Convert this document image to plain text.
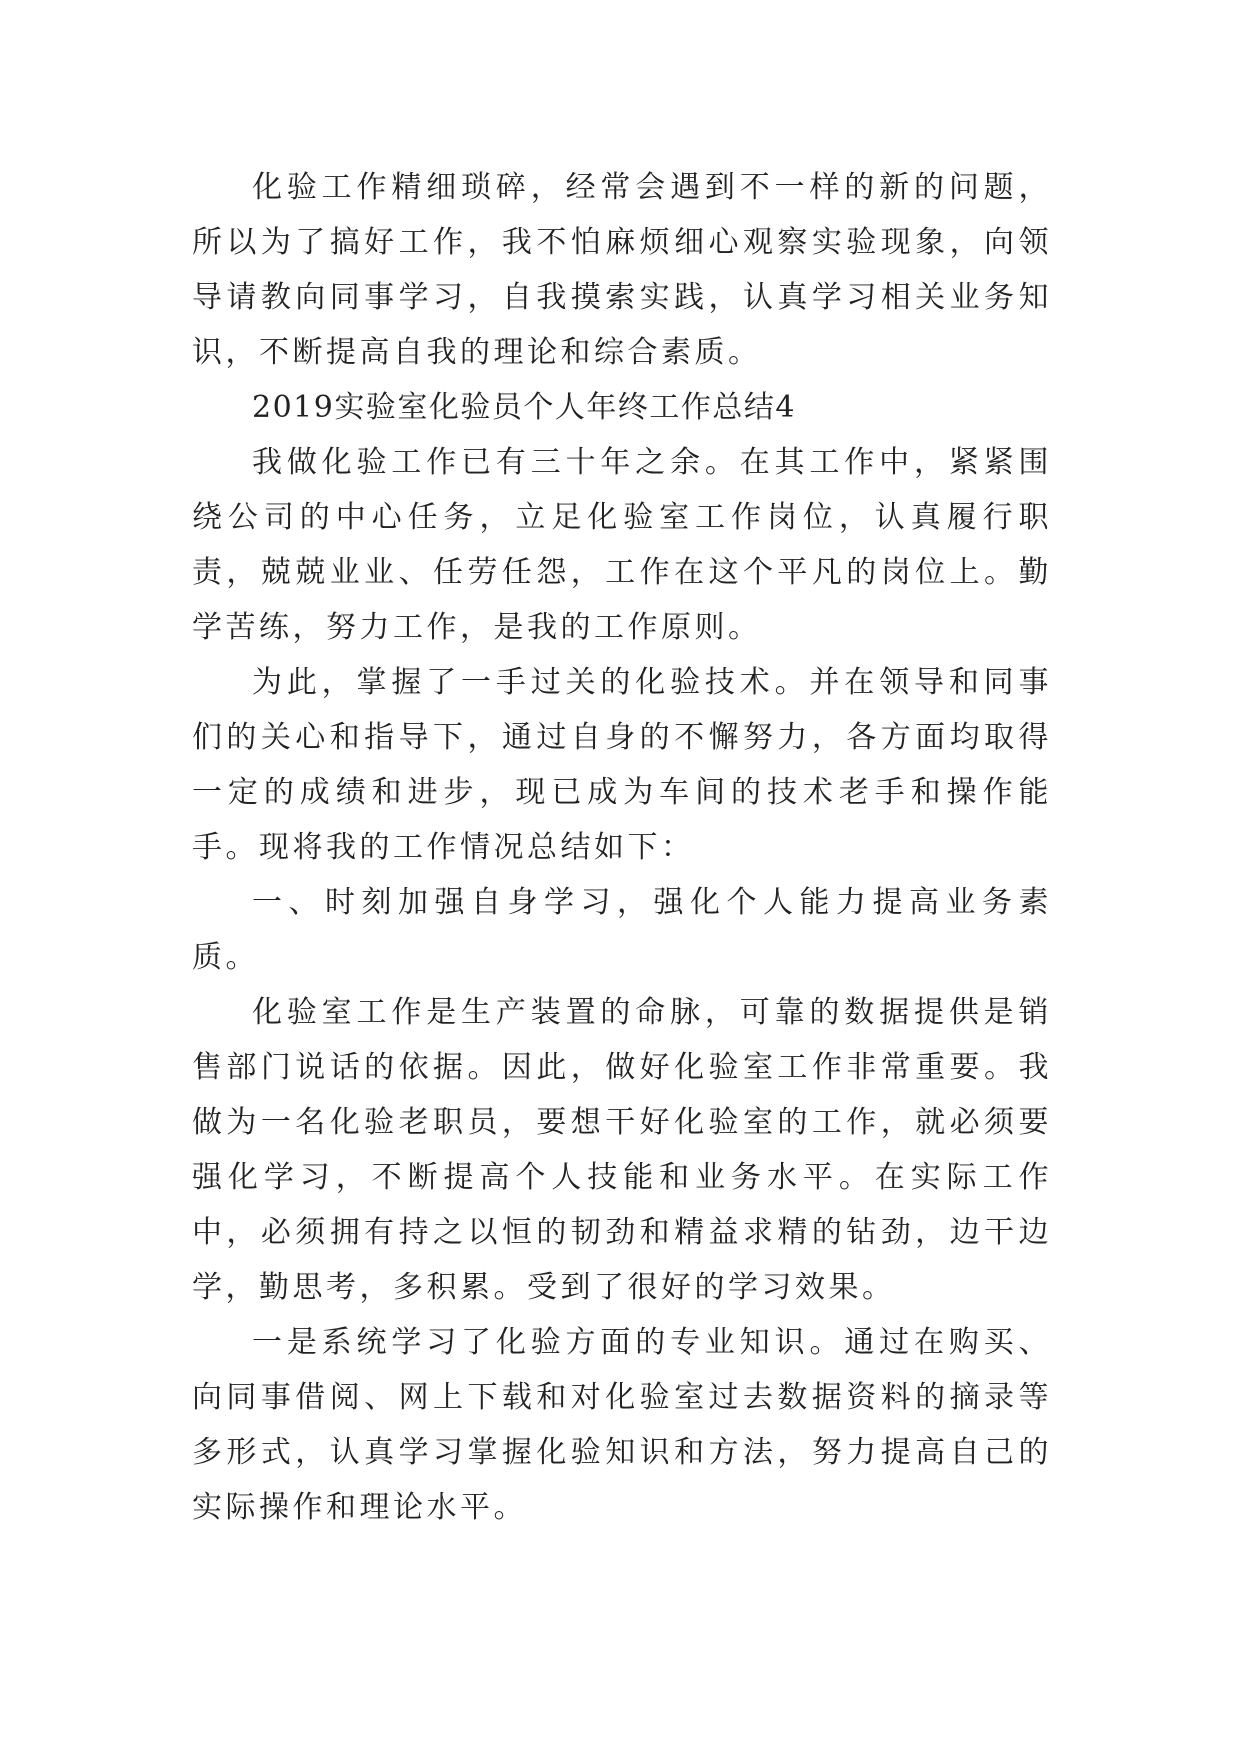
化验工作精细琐碎，经常会遇到不一样的新的问题，所以为了搞好工作，我不怕麻烦细心观察实验现象，向领导请教向同事学习，自我摸索实践，认真学习相关业务知识，不断提高自我的理论和综合素质。

2019实验室化验员个人年终工作总结4

我做化验工作已有三十年之余。在其工作中，紧紧围绕公司的中心任务，立足化验室工作岗位，认真履行职责，兢兢业业、任劳任怨，工作在这个平凡的岗位上。勤学苦练，努力工作，是我的工作原则。

为此，掌握了一手过关的化验技术。并在领导和同事们的关心和指导下，通过自身的不懈努力，各方面均取得一定的成绩和进步，现已成为车间的技术老手和操作能手。现将我的工作情况总结如下：

一、时刻加强自身学习，强化个人能力提高业务素质。

化验室工作是生产装置的命脉，可靠的数据提供是销售部门说话的依据。因此，做好化验室工作非常重要。我做为一名化验老职员，要想干好化验室的工作，就必须要强化学习，不断提高个人技能和业务水平。在实际工作中，必须拥有持之以恒的韧劲和精益求精的钻劲，边干边学，勤思考，多积累。受到了很好的学习效果。

一是系统学习了化验方面的专业知识。通过在购买、向同事借阅、网上下载和对化验室过去数据资料的摘录等多形式，认真学习掌握化验知识和方法，努力提高自己的实际操作和理论水平。
